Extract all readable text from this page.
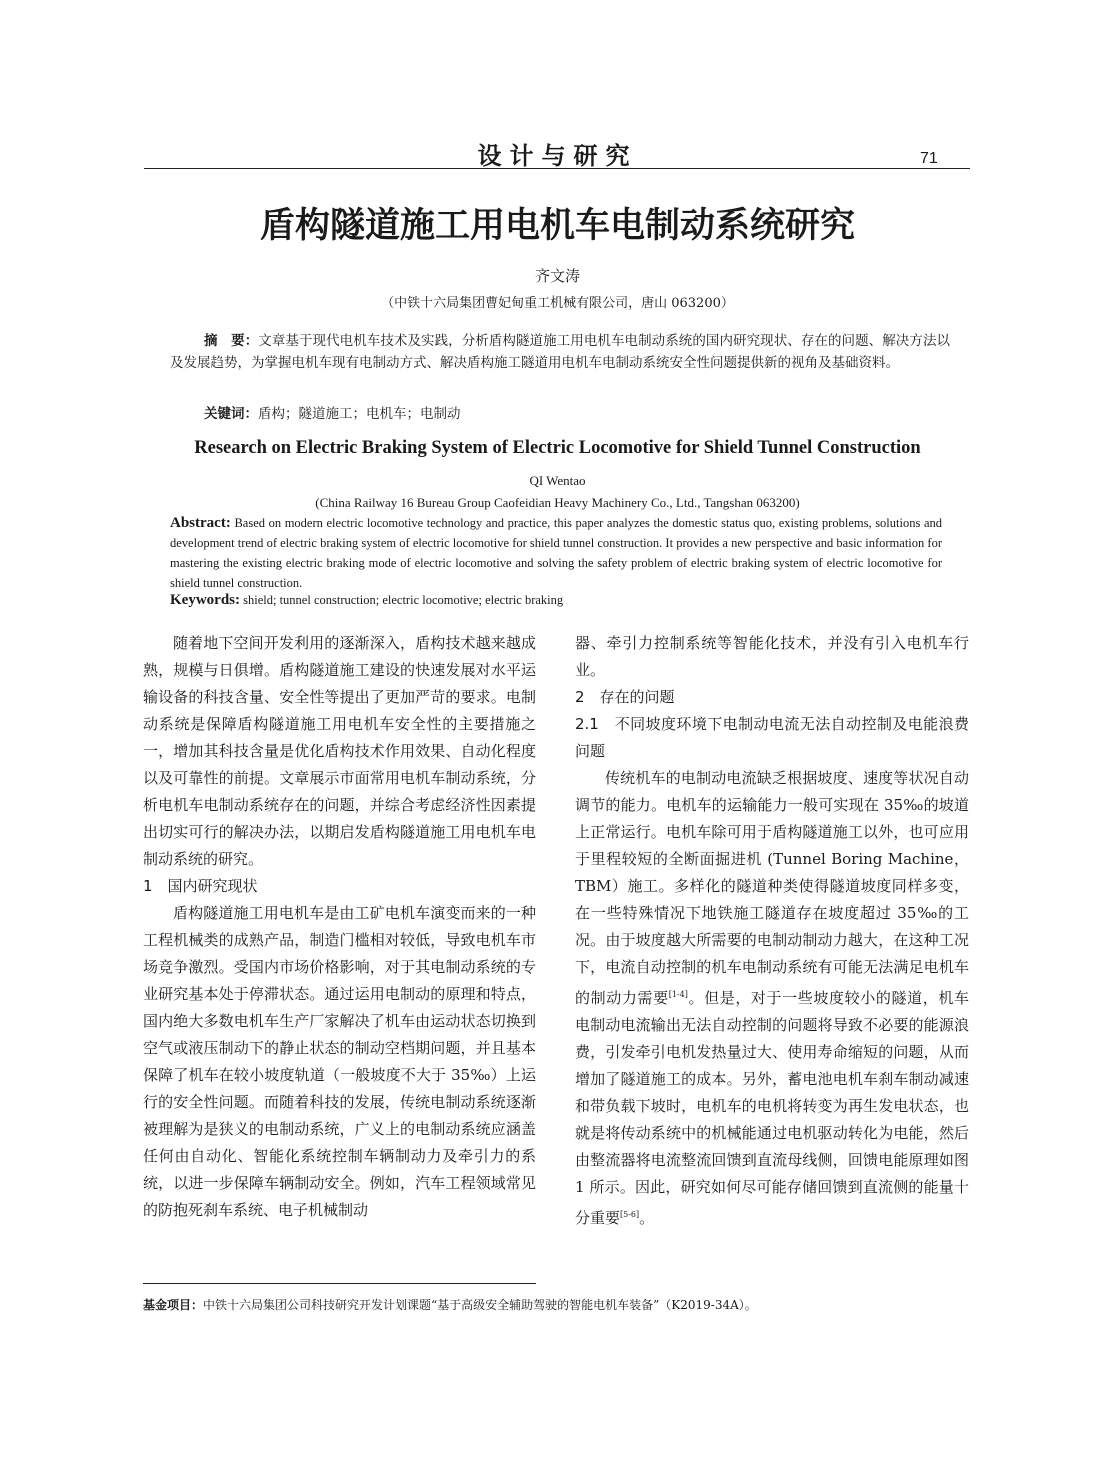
设计与研究	71
盾构隧道施工用电机车电制动系统研究
齐文涛
（中铁十六局集团曹妃甸重工机械有限公司，唐山 063200）
摘　要：文章基于现代电机车技术及实践，分析盾构隧道施工用电机车电制动系统的国内研究现状、存在的问题、解决方法以及发展趋势，为掌握电机车现有电制动方式、解决盾构施工隧道用电机车电制动系统安全性问题提供新的视角及基础资料。
关键词：盾构；隧道施工；电机车；电制动
Research on Electric Braking System of Electric Locomotive for Shield Tunnel Construction
QI Wentao
(China Railway 16 Bureau Group Caofeidian Heavy Machinery Co., Ltd., Tangshan 063200)
Abstract: Based on modern electric locomotive technology and practice, this paper analyzes the domestic status quo, existing problems, solutions and development trend of electric braking system of electric locomotive for shield tunnel construction. It provides a new perspective and basic information for mastering the existing electric braking mode of electric locomotive and solving the safety problem of electric braking system of electric locomotive for shield tunnel construction.
Keywords: shield; tunnel construction; electric locomotive; electric braking

随着地下空间开发利用的逐渐深入，盾构技术越来越成熟，规模与日俱增。盾构隧道施工建设的快速发展对水平运输设备的科技含量、安全性等提出了更加严苛的要求。电制动系统是保障盾构隧道施工用电机车安全性的主要措施之一，增加其科技含量是优化盾构技术作用效果、自动化程度以及可靠性的前提。文章展示市面常用电机车制动系统，分析电机车电制动系统存在的问题，并综合考虑经济性因素提出切实可行的解决办法，以期启发盾构隧道施工用电机车电制动系统的研究。

1　国内研究现状

盾构隧道施工用电机车是由工矿电机车演变而来的一种工程机械类的成熟产品，制造门槛相对较低，导致电机车市场竞争激烈。受国内市场价格影响，对于其电制动系统的专业研究基本处于停滞状态。通过运用电制动的原理和特点，国内绝大多数电机车生产厂家解决了机车由运动状态切换到空气或液压制动下的静止状态的制动空档期问题，并且基本保障了机车在较小坡度轨道（一般坡度不大于 35‰）上运行的安全性问题。而随着科技的发展，传统电制动系统逐渐被理解为是狭义的电制动系统，广义上的电制动系统应涵盖任何由自动化、智能化系统控制车辆制动力及牵引力的系统，以进一步保障车辆制动安全。例如，汽车工程领域常见的防抱死刹车系统、电子机械制动

器、牵引力控制系统等智能化技术，并没有引入电机车行业。

2　存在的问题

2.1　不同坡度环境下电制动电流无法自动控制及电能浪费问题

传统机车的电制动电流缺乏根据坡度、速度等状况自动调节的能力。电机车的运输能力一般可实现在 35‰的坡道上正常运行。电机车除可用于盾构隧道施工以外，也可应用于里程较短的全断面掘进机 (Tunnel Boring Machine，TBM）施工。多样化的隧道种类使得隧道坡度同样多变，在一些特殊情况下地铁施工隧道存在坡度超过 35‰的工况。由于坡度越大所需要的电制动制动力越大，在这种工况下，电流自动控制的机车电制动系统有可能无法满足电机车的制动力需要[1-4]。但是，对于一些坡度较小的隧道，机车电制动电流输出无法自动控制的问题将导致不必要的能源浪费，引发牵引电机发热量过大、使用寿命缩短的问题，从而增加了隧道施工的成本。另外，蓄电池电机车刹车制动减速和带负载下坡时，电机车的电机将转变为再生发电状态，也就是将传动系统中的机械能通过电机驱动转化为电能，然后由整流器将电流整流回馈到直流母线侧，回馈电能原理如图 1 所示。因此，研究如何尽可能存储回馈到直流侧的能量十分重要[5-6]。

基金项目：中铁十六局集团公司科技研究开发计划课题“基于高级安全辅助驾驶的智能电机车装备”（K2019-34A）。
